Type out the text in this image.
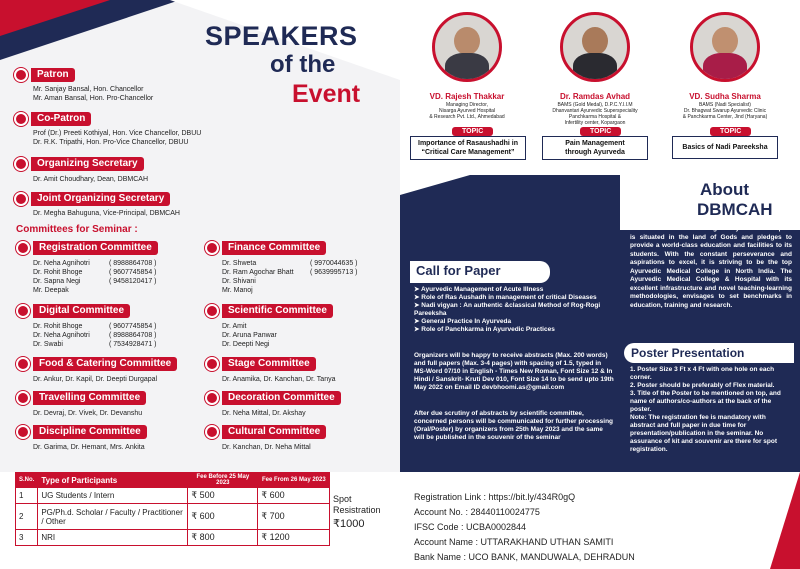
SPEAKERS
of the
Event
Patron
Mr. Sanjay Bansal, Hon. Chancellor
Mr. Aman Bansal, Hon. Pro-Chancellor
Co-Patron
Prof (Dr.) Preeti Kothiyal, Hon. Vice Chancellor, DBUU
Dr. R.K. Tripathi, Hon. Pro-Vice Chancellor, DBUU
Organizing Secretary
Dr. Amit Choudhary, Dean, DBMCAH
Joint Organizing Secretary
Dr. Megha Bahuguna, Vice-Principal, DBMCAH
Committees for Seminar :
Registration Committee
Dr. Neha Agnihotri	( 8988864708 )
Dr. Rohit Bhoge	( 9607745854 )
Dr. Sapna Negi	( 9458120417 )
Mr. Deepak
Finance Committee
Dr. Shweta	( 9970044635 )
Dr. Ram Agochar Bhatt ( 9639995713 )
Dr. Shivani
Mr. Manoj
Digital Committee
Dr. Rohit Bhoge	( 9607745854 )
Dr. Neha Agnihotri	( 8988864708 )
Dr. Swabi	( 7534928471 )
Scientific Committee
Dr. Amit
Dr. Aruna Panwar
Dr. Deepti Negi
Food & Catering Committee
Dr. Ankur, Dr. Kapil, Dr. Deepti Durgapal
Stage Committee
Dr. Anamika, Dr. Kanchan, Dr. Tanya
Travelling Committee
Dr. Devraj, Dr. Vivek, Dr. Devanshu
Decoration Committee
Dr. Neha Mittal, Dr. Akshay
Discipline Committee
Dr. Garima, Dr. Hemant, Mrs. Ankita
Cultural Committee
Dr. Kanchan, Dr. Neha Mittal
VD. Rajesh Thakkar
Managing Director,
Nisarga Ayurved Hospital
& Research Pvt. Ltd., Ahmedabad
TOPIC
Importance of Rasaushadhi in
“Critical Care Management”
Dr. Ramdas Avhad
BAMS (Gold Medal), D.P.C.Y.I.I.M
Dhanvantari Ayurvedic Superspeciality
Panchkarma Hospital &
Infertility center, Kopargaon
TOPIC
Pain Management
through Ayurveda
VD. Sudha Sharma
BAMS (Nadi Specialist)
Dr. Bhagwat Swarup Ayurvedic Clinic
& Panchkarma Center, Jind (Haryana)
TOPIC
Basics of Nadi Pareeksha
About
DBMCAH
Dev Bhoomi Medical College of Ayurved & Hospital is situated in the land of Gods and pledges to provide a world-class education and facilities to its students. With the constant perseverance and aspirations to excel, it is striving to be the top Ayurvedic Medical College in North India. The Ayurvedic Medical College & Hospital with its excellent infrastructure and novel teaching-learning methodologies, envisages to set benchmarks in education, training and research.
Call for Paper
➤ Ayurvedic Management of Acute Illness
➤ Role of Ras Aushadh in management of critical Diseases
➤ Nadi vigyan : An authentic &classical Method of Rog-Rogi Pareeksha
➤ General Practice In Ayurveda
➤ Role of Panchkarma in Ayurvedic Practices
Organizers will be happy to receive abstracts (Max. 200 words) and full papers (Max. 3-4 pages) with spacing of 1.5, typed in MS-Word 07/10 in English - Times New Roman, Font Size 12 & In Hindi / Sanskrit- Kruti Dev 010, Font Size 14 to be send upto 19th May 2022 on Email ID devbhoomi.as@gmail.com
After due scrutiny of abstracts by scientific committee, concerned persons will be communicated for further processing (Oral/Poster) by organizers from 25th May 2023 and the same will be published in the souvenir of the seminar
Poster Presentation
1. Poster Size 3 Ft x 4 Ft with one hole on each corner.
2. Poster should be preferably of Flex material.
3. Title of the Poster to be mentioned on top, and name of authors/co-authors at the back of the poster.
Note: The registration fee is mandatory with abstract and full paper in due time for presentation/publication in the seminar. No assurance of kit and souvenir are there for spot registration.
S.No.	Type of Participants	Fee Before 25 May 2023	Fee From 26 May 2023
1	UG Students / Intern	₹ 500	₹ 600
2	PG/Ph.d. Scholar / Faculty / Practitioner / Other	₹ 600	₹ 700
3	NRI	₹ 800	₹ 1200
Spot Resistration
₹1000
Registration Link : https://bit.ly/434R0gQ
Account No. : 28440110024775
IFSC Code : UCBA0002844
Account Name : UTTARAKHAND UTHAN SAMITI
Bank Name : UCO BANK, MANDUWALA, DEHRADUN
